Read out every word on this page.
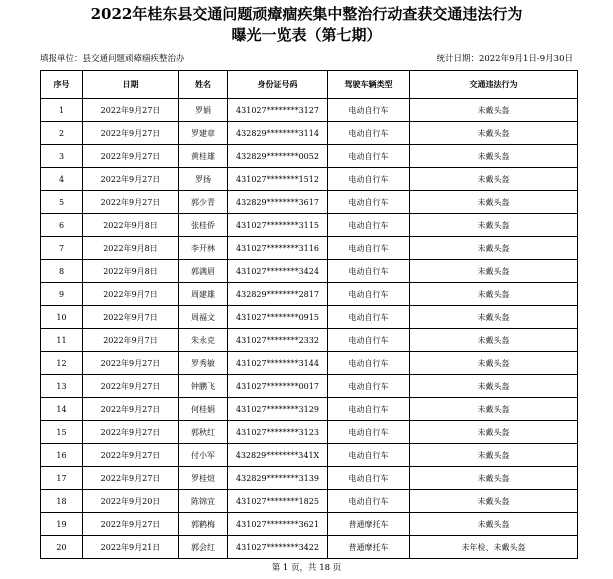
2022年桂东县交通问题顽瘴痼疾集中整治行动查获交通违法行为
曝光一览表（第七期）
填报单位：县交通问题顽瘴痼疾整治办	统计日期：2022年9月1日-9月30日
序号	日期	姓名	身份证号码	驾驶车辆类型	交通违法行为
1	2022年9月27日	罗娟	431027********3127	电动自行车	未戴头盔
2	2022年9月27日	罗建章	432829********3114	电动自行车	未戴头盔
3	2022年9月27日	黄桂雄	432829********0052	电动自行车	未戴头盔
4	2022年9月27日	罗扬	431027********1512	电动自行车	未戴头盔
5	2022年9月27日	郭少青	432829********3617	电动自行车	未戴头盔
6	2022年9月8日	张桂侨	431027********3115	电动自行车	未戴头盔
7	2022年9月8日	李开林	431027********3116	电动自行车	未戴头盔
8	2022年9月8日	郭满眉	431027********3424	电动自行车	未戴头盔
9	2022年9月7日	周建雄	432829********2817	电动自行车	未戴头盔
10	2022年9月7日	周福文	431027********0915	电动自行车	未戴头盔
11	2022年9月7日	朱永克	431027********2332	电动自行车	未戴头盔
12	2022年9月27日	罗秀敏	431027********3144	电动自行车	未戴头盔
13	2022年9月27日	钟鹏飞	431027********0017	电动自行车	未戴头盔
14	2022年9月27日	何桂娟	431027********3129	电动自行车	未戴头盔
15	2022年9月27日	郭秋红	431027********3123	电动自行车	未戴头盔
16	2022年9月27日	付小军	432829********341X	电动自行车	未戴头盔
17	2022年9月27日	罗桂煊	432829********3139	电动自行车	未戴头盔
18	2022年9月20日	陈锦宜	431027********1825	电动自行车	未戴头盔
19	2022年9月27日	郭鹤梅	431027********3621	普通摩托车	未戴头盔
20	2022年9月21日	郭会红	431027********3422	普通摩托车	未年检、未戴头盔
第 1 页，共 18 页
